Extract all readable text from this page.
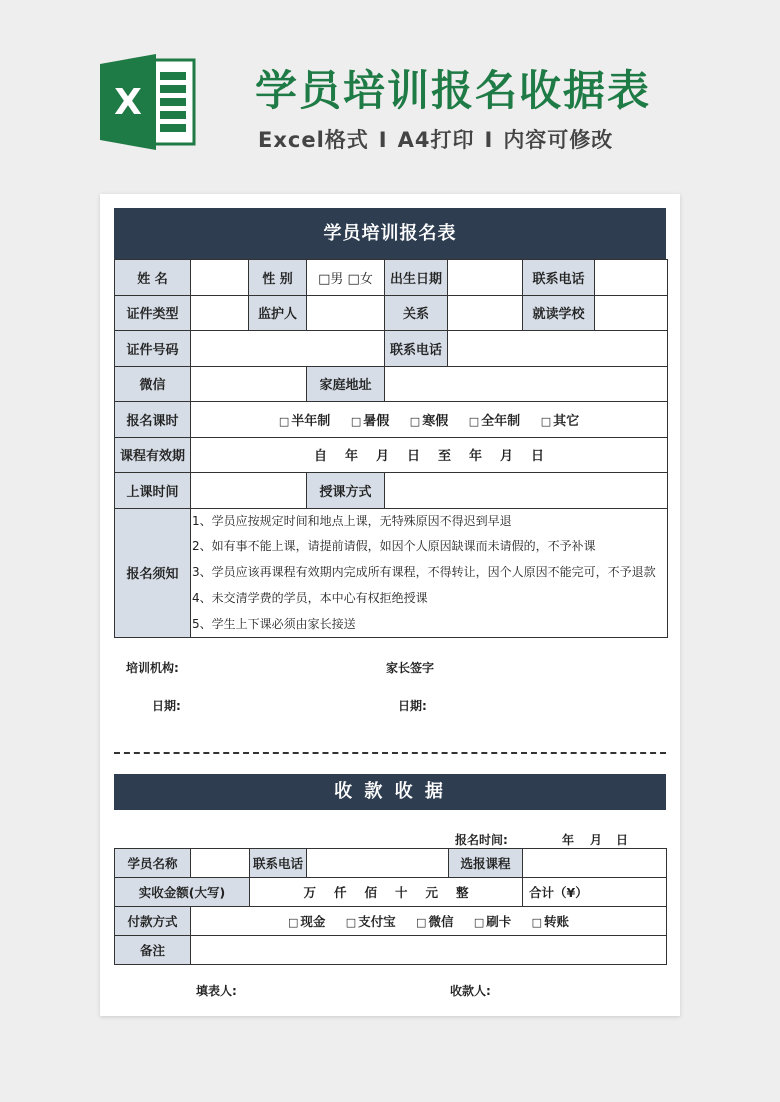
X	学员培训报名收据表
Excel格式 I A4打印 I 内容可修改
学员培训报名表
姓 名		性 别	□男 □女	出生日期		联系电话	
证件类型		监护人		关系		就读学校	
证件号码				联系电话			
微信			家庭地址				
报名课时	□ 半年制 □ 暑假 □ 寒假 □ 全年制 □ 其它						
课程有效期	自 年 月 日 至 年 月 日						
上课时间			授课方式				
报名须知	1、学员应按规定时间和地点上课，无特殊原因不得迟到早退
2、如有事不能上课，请提前请假，如因个人原因缺课而未请假的，不予补课
3、学员应该再课程有效期内完成所有课程，不得转让，因个人原因不能完可，不予退款
4、未交清学费的学员，本中心有权拒绝授课
5、学生上下课必须由家长接送						
培训机构:	家长签字
日期:	日期:
收 款 收 据
报名时间:	年 月 日
学员名称		联系电话		选报课程	
实收金额(大写)		万 仟 佰 十 元 整			合计（¥）
付款方式	□ 现金 □ 支付宝 □ 微信 □ 刷卡 □ 转账				
备注					
填表人:	收款人:
